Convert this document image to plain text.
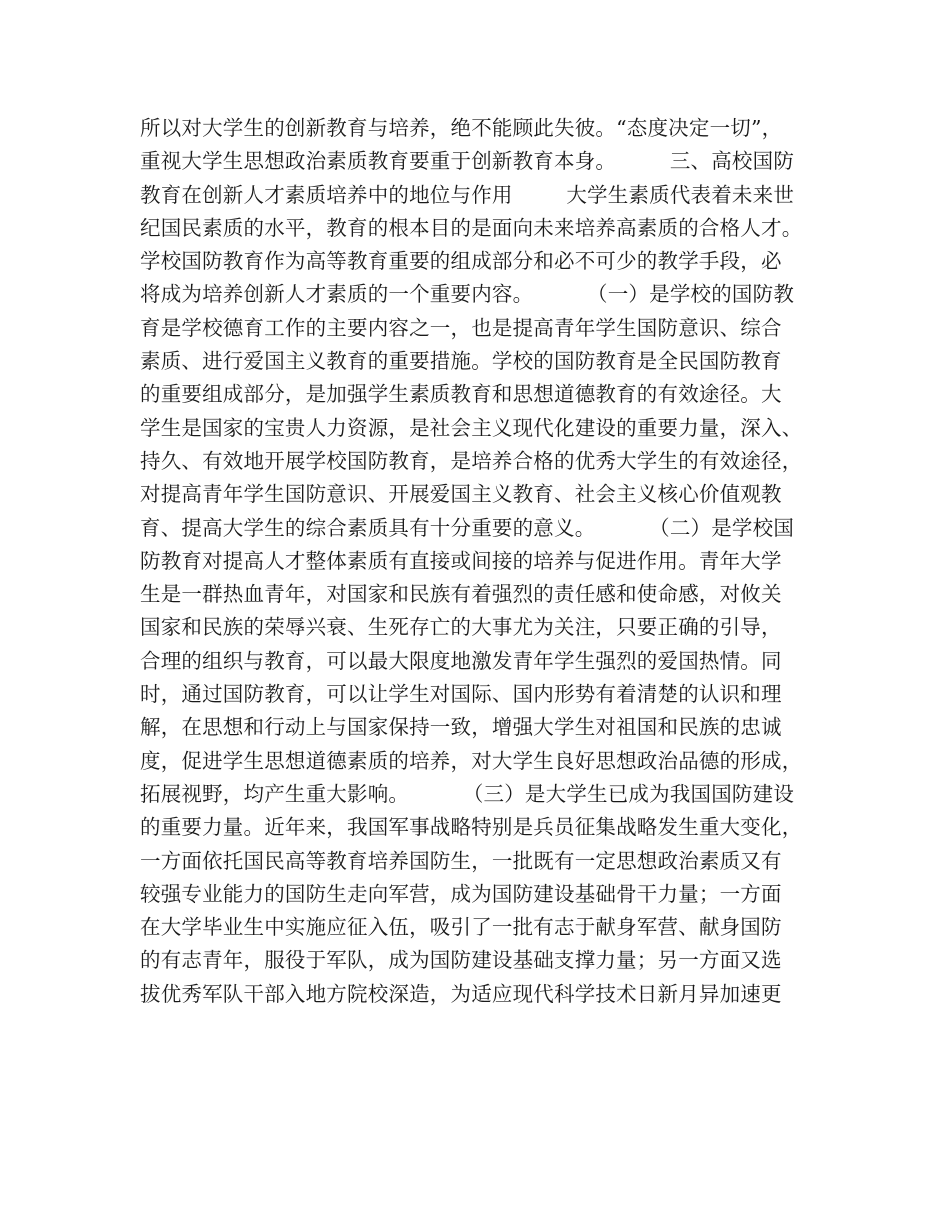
所以对大学生的创新教育与培养，绝不能顾此失彼。“态度决定一切”，
重视大学生思想政治素质教育要重于创新教育本身。        三、高校国防
教育在创新人才素质培养中的地位与作用        大学生素质代表着未来世
纪国民素质的水平，教育的根本目的是面向未来培养高素质的合格人才。
学校国防教育作为高等教育重要的组成部分和必不可少的教学手段，必
将成为培养创新人才素质的一个重要内容。        （一）是学校的国防教
育是学校德育工作的主要内容之一，也是提高青年学生国防意识、综合
素质、进行爱国主义教育的重要措施。学校的国防教育是全民国防教育
的重要组成部分，是加强学生素质教育和思想道德教育的有效途径。大
学生是国家的宝贵人力资源，是社会主义现代化建设的重要力量，深入、
持久、有效地开展学校国防教育，是培养合格的优秀大学生的有效途径，
对提高青年学生国防意识、开展爱国主义教育、社会主义核心价值观教
育、提高大学生的综合素质具有十分重要的意义。        （二）是学校国
防教育对提高人才整体素质有直接或间接的培养与促进作用。青年大学
生是一群热血青年，对国家和民族有着强烈的责任感和使命感，对攸关
国家和民族的荣辱兴衰、生死存亡的大事尤为关注，只要正确的引导，
合理的组织与教育，可以最大限度地激发青年学生强烈的爱国热情。同
时，通过国防教育，可以让学生对国际、国内形势有着清楚的认识和理
解，在思想和行动上与国家保持一致，增强大学生对祖国和民族的忠诚
度，促进学生思想道德素质的培养，对大学生良好思想政治品德的形成，
拓展视野，均产生重大影响。        （三）是大学生已成为我国国防建设
的重要力量。近年来，我国军事战略特别是兵员征集战略发生重大变化，
一方面依托国民高等教育培养国防生，一批既有一定思想政治素质又有
较强专业能力的国防生走向军营，成为国防建设基础骨干力量；一方面
在大学毕业生中实施应征入伍，吸引了一批有志于献身军营、献身国防
的有志青年，服役于军队，成为国防建设基础支撑力量；另一方面又选
拔优秀军队干部入地方院校深造，为适应现代科学技术日新月异加速更
